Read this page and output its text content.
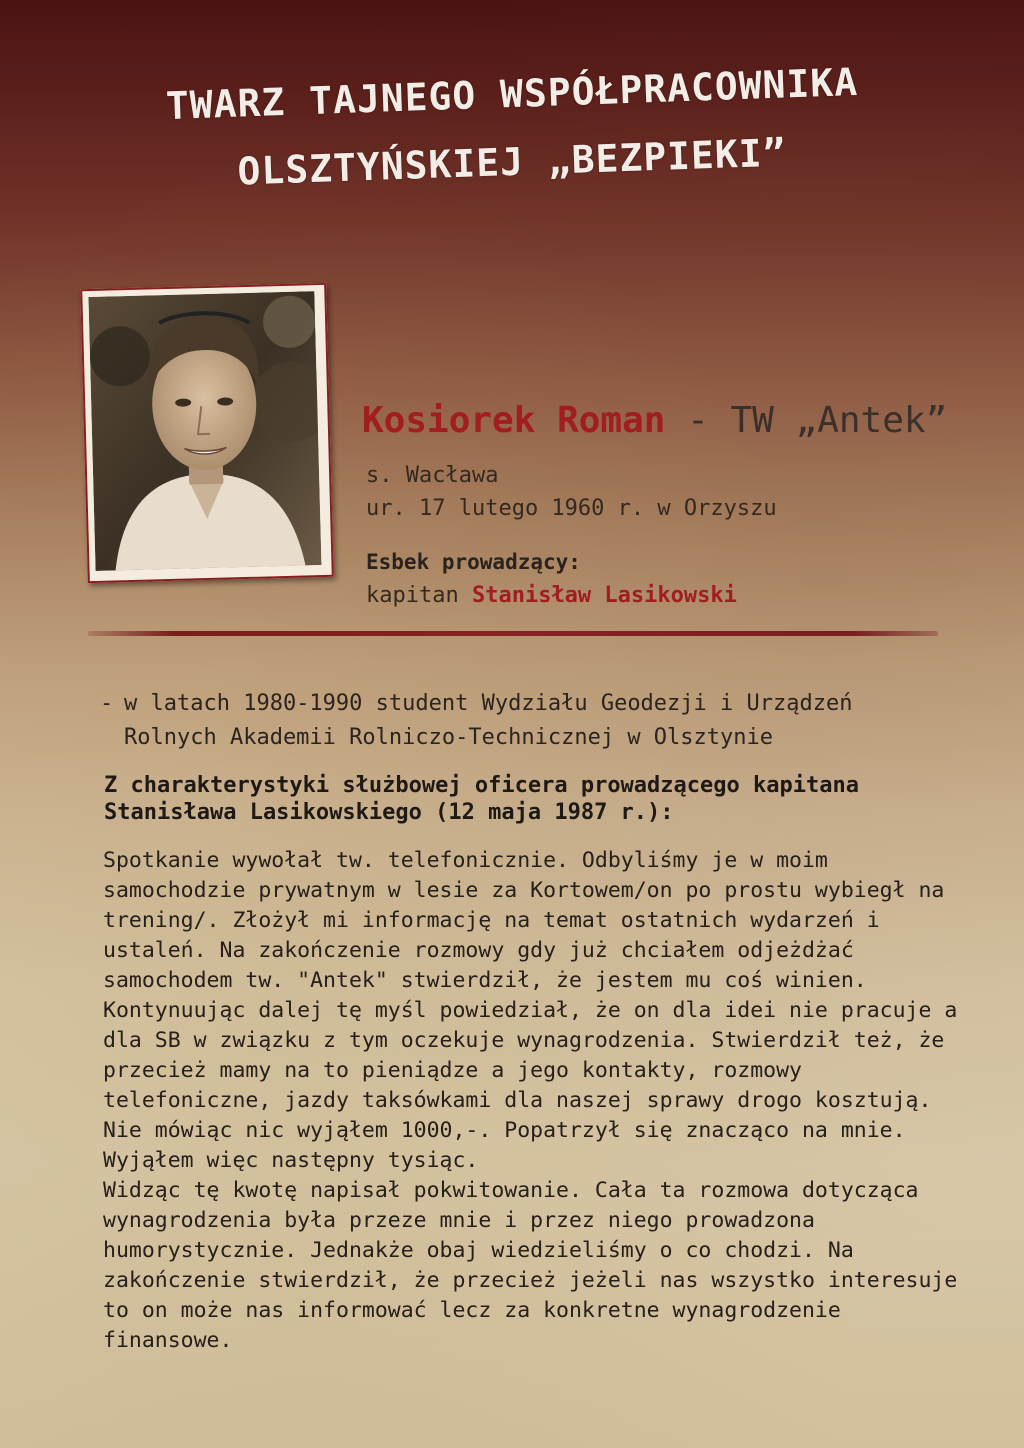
TWARZ TAJNEGO WSPÓŁPRACOWNIKA
OLSZTYŃSKIEJ „BEZPIEKI”
Kosiorek Roman - TW „Antek”
s. Wacława
ur. 17 lutego 1960 r. w Orzyszu
Esbek prowadzący:
kapitan Stanisław Lasikowski
- w latach 1980-1990 student Wydziału Geodezji i Urządzeń Rolnych Akademii Rolniczo-Technicznej w Olsztynie
Z charakterystyki służbowej oficera prowadzącego kapitana Stanisława Lasikowskiego (12 maja 1987 r.):

Spotkanie wywołał tw. telefonicznie. Odbyliśmy je w moim samochodzie prywatnym w lesie za Kortowem/on po prostu wybiegł na trening/. Złożył mi informację na temat ostatnich wydarzeń i ustaleń. Na zakończenie rozmowy gdy już chciałem odjeżdżać samochodem tw. "Antek" stwierdził, że jestem mu coś winien. Kontynuując dalej tę myśl powiedział, że on dla idei nie pracuje a dla SB w związku z tym oczekuje wynagrodzenia. Stwierdził też, że przecież mamy na to pieniądze a jego kontakty, rozmowy telefoniczne, jazdy taksówkami dla naszej sprawy drogo kosztują.

Nie mówiąc nic wyjąłem 1000,-. Popatrzył się znacząco na mnie. Wyjąłem więc następny tysiąc.

Widząc tę kwotę napisał pokwitowanie. Cała ta rozmowa dotycząca wynagrodzenia była przeze mnie i przez niego prowadzona humorystycznie. Jednakże obaj wiedzieliśmy o co chodzi. Na zakończenie stwierdził, że przecież jeżeli nas wszystko interesuje to on może nas informować lecz za konkretne wynagrodzenie finansowe.
